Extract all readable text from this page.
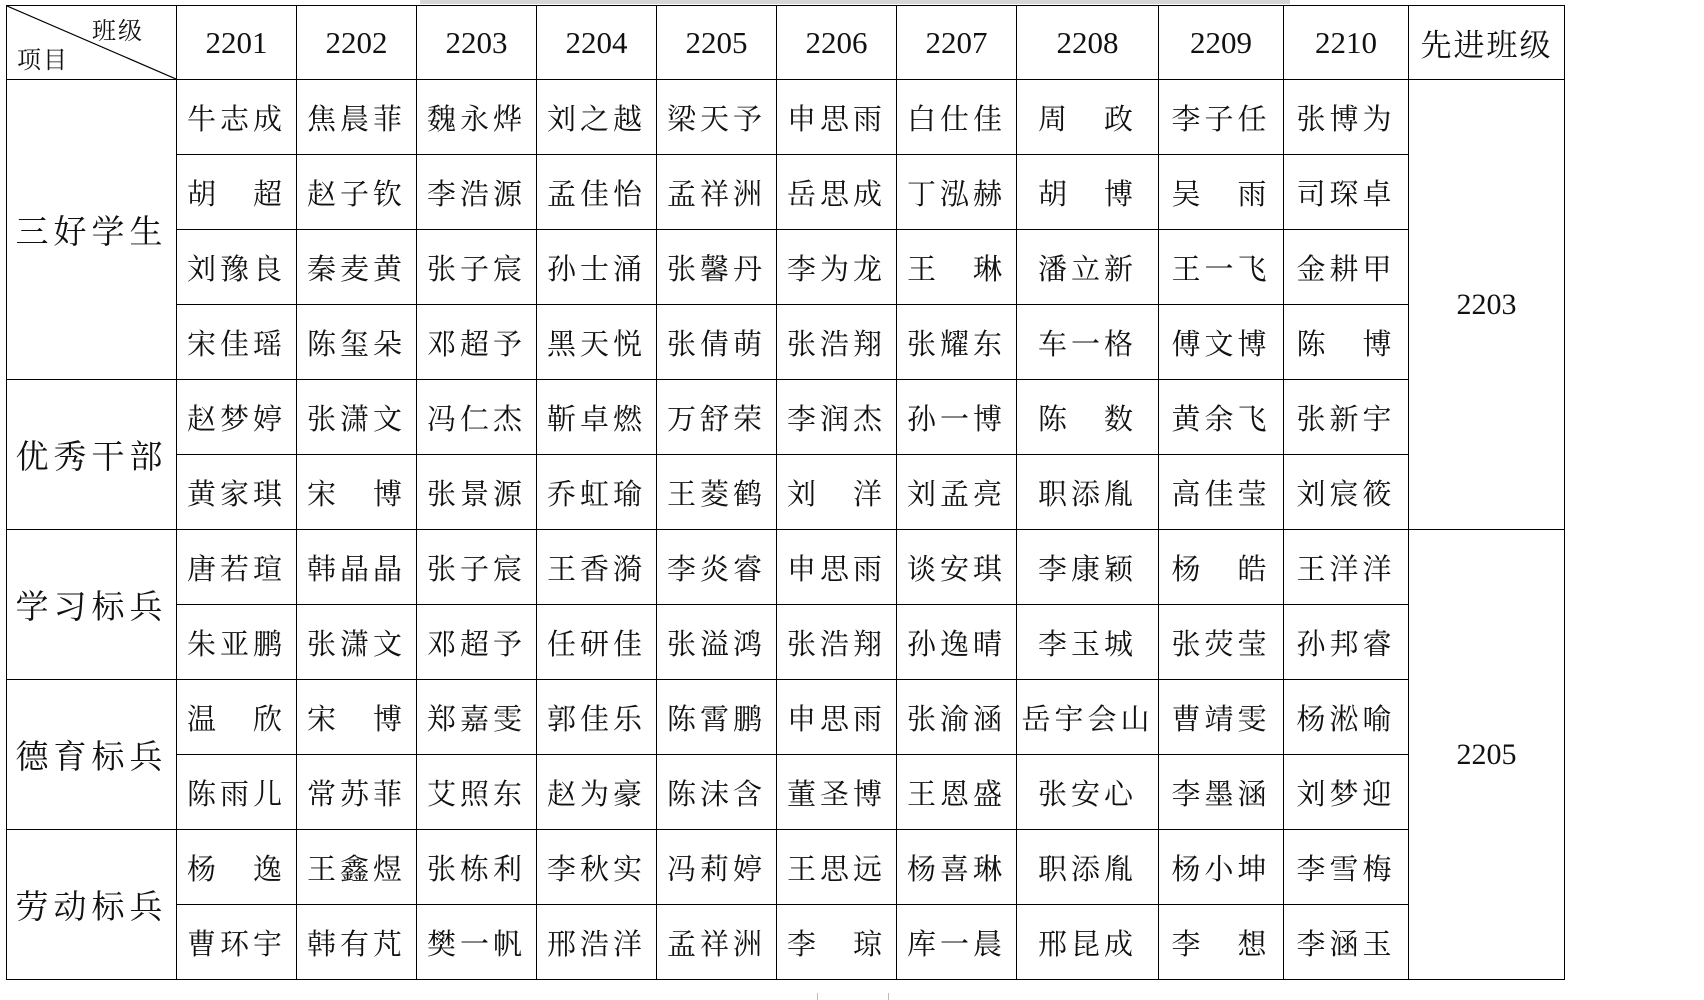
班级
项目	2201	2202	2203	2204	2205	2206	2207	2208	2209	2210	先进班级
三好学生	牛志成	焦晨菲	魏永烨	刘之越	梁天予	申思雨	白仕佳	周　政	李子任	张博为	2203
	胡　超	赵子钦	李浩源	孟佳怡	孟祥洲	岳思成	丁泓赫	胡　博	吴　雨	司琛卓	
	刘豫良	秦麦黄	张子宸	孙士涌	张馨丹	李为龙	王　琳	潘立新	王一飞	金耕甲	
	宋佳瑶	陈玺朵	邓超予	黑天悦	张倩萌	张浩翔	张耀东	车一格	傅文博	陈　博	
优秀干部	赵梦婷	张潇文	冯仁杰	靳卓燃	万舒荣	李润杰	孙一博	陈　数	黄余飞	张新宇	
	黄家琪	宋　博	张景源	乔虹瑜	王菱鹤	刘　洋	刘孟亮	职添胤	高佳莹	刘宸筱	
学习标兵	唐若瑄	韩晶晶	张子宸	王香漪	李炎睿	申思雨	谈安琪	李康颖	杨　皓	王洋洋	2205
	朱亚鹏	张潇文	邓超予	任研佳	张溢鸿	张浩翔	孙逸晴	李玉城	张荧莹	孙邦睿	
德育标兵	温　欣	宋　博	郑嘉雯	郭佳乐	陈霄鹏	申思雨	张渝涵	岳宇会山	曹靖雯	杨淞喻	
	陈雨儿	常苏菲	艾照东	赵为豪	陈沫含	董圣博	王恩盛	张安心	李墨涵	刘梦迎	
劳动标兵	杨　逸	王鑫煜	张栋利	李秋实	冯莉婷	王思远	杨喜琳	职添胤	杨小坤	李雪梅	
	曹环宇	韩有芃	樊一帆	邢浩洋	孟祥洲	李　琼	库一晨	邢昆成	李　想	李涵玉	
